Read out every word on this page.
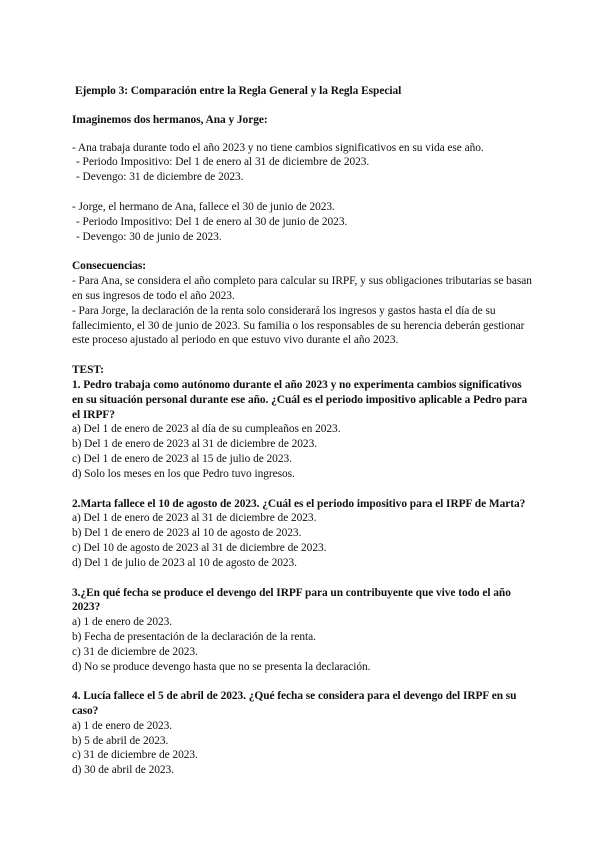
Ejemplo 3: Comparación entre la Regla General y la Regla Especial

Imaginemos dos hermanos, Ana y Jorge:

- Ana trabaja durante todo el año 2023 y no tiene cambios significativos en su vida ese año.

- Periodo Impositivo: Del 1 de enero al 31 de diciembre de 2023.

- Devengo: 31 de diciembre de 2023.

- Jorge, el hermano de Ana, fallece el 30 de junio de 2023.

- Periodo Impositivo: Del 1 de enero al 30 de junio de 2023.

- Devengo: 30 de junio de 2023.

Consecuencias:

- Para Ana, se considera el año completo para calcular su IRPF, y sus obligaciones tributarias se basan en sus ingresos de todo el año 2023.

- Para Jorge, la declaración de la renta solo considerará los ingresos y gastos hasta el día de su fallecimiento, el 30 de junio de 2023. Su familia o los responsables de su herencia deberán gestionar este proceso ajustado al periodo en que estuvo vivo durante el año 2023.

TEST:

1. Pedro trabaja como autónomo durante el año 2023 y no experimenta cambios significativos en su situación personal durante ese año. ¿Cuál es el periodo impositivo aplicable a Pedro para el IRPF?

a) Del 1 de enero de 2023 al día de su cumpleaños en 2023.

b) Del 1 de enero de 2023 al 31 de diciembre de 2023.

c) Del 1 de enero de 2023 al 15 de julio de 2023.

d) Solo los meses en los que Pedro tuvo ingresos.

2.Marta fallece el 10 de agosto de 2023. ¿Cuál es el periodo impositivo para el IRPF de Marta?

a) Del 1 de enero de 2023 al 31 de diciembre de 2023.

b) Del 1 de enero de 2023 al 10 de agosto de 2023.

c) Del 10 de agosto de 2023 al 31 de diciembre de 2023.

d) Del 1 de julio de 2023 al 10 de agosto de 2023.

3.¿En qué fecha se produce el devengo del IRPF para un contribuyente que vive todo el año 2023?

a) 1 de enero de 2023.

b) Fecha de presentación de la declaración de la renta.

c) 31 de diciembre de 2023.

d) No se produce devengo hasta que no se presenta la declaración.

4. Lucía fallece el 5 de abril de 2023. ¿Qué fecha se considera para el devengo del IRPF en su caso?

a) 1 de enero de 2023.

b) 5 de abril de 2023.

c) 31 de diciembre de 2023.

d) 30 de abril de 2023.
